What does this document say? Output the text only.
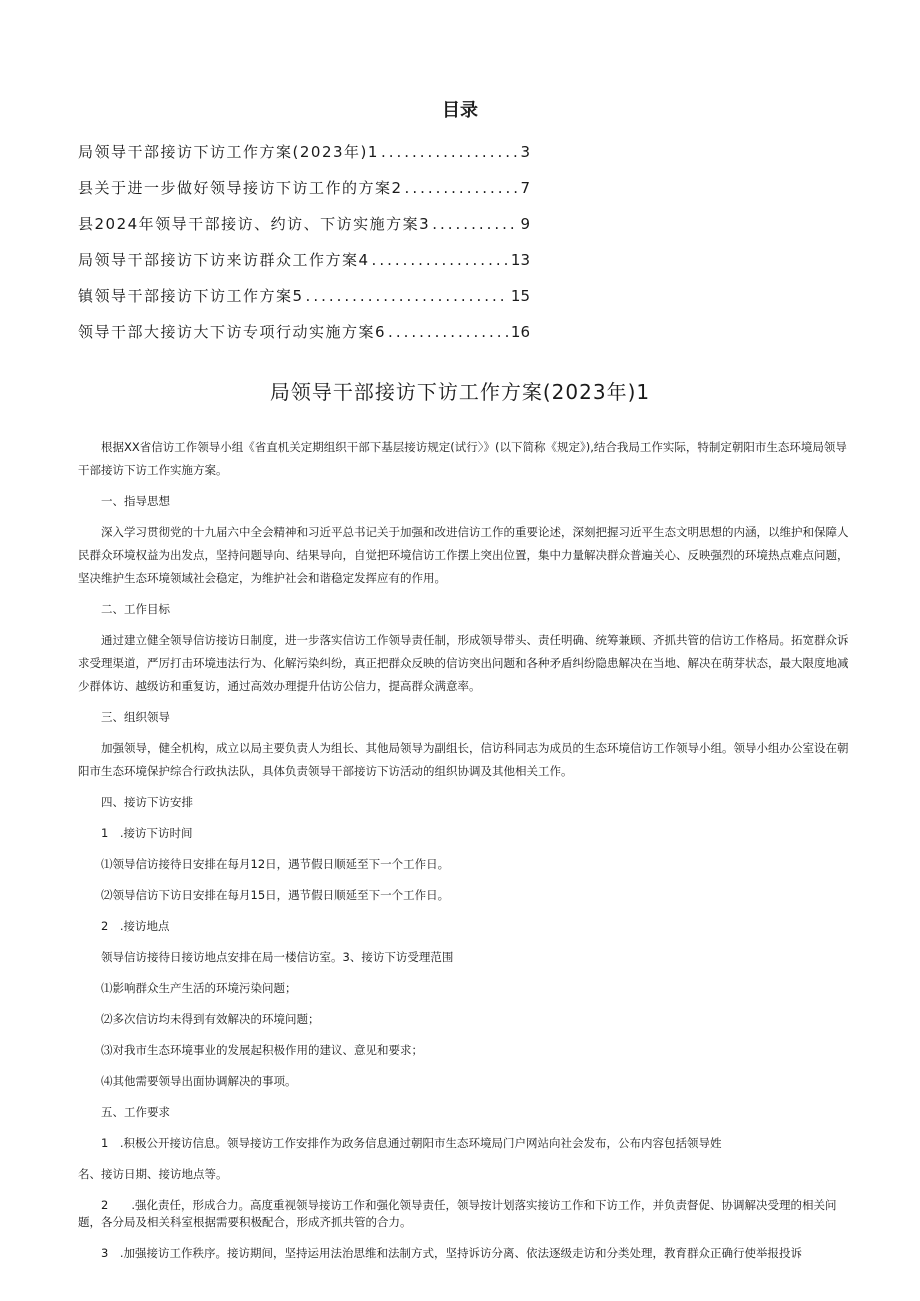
目录
局领导干部接访下访工作方案(2023年)1 .....	3
县关于进一步做好领导接访下访工作的方案2 .....	7
县2024年领导干部接访、约访、下访实施方案3 .....	9
局领导干部接访下访来访群众工作方案4 .....	13
镇领导干部接访下访工作方案5 .....	15
领导干部大接访大下访专项行动实施方案6 .....	16
局领导干部接访下访工作方案(2023年)1

根据XX省信访工作领导小组《省直机关定期组织干部下基层接访规定(试行〉》(以下简称《规定》),结合我局工作实际，特制定朝阳市生态环境局领导干部接访下访工作实施方案。

一、指导思想

深入学习贯彻党的十九届六中全会精神和习近平总书记关于加强和改进信访工作的重要论述，深刻把握习近平生态文明思想的内涵，以维护和保障人民群众环境权益为出发点，坚持问题导向、结果导向，自觉把环境信访工作摆上突出位置，集中力量解决群众普遍关心、反映强烈的环境热点难点问题，坚决维护生态环境领域社会稳定，为维护社会和谐稳定发挥应有的作用。

二、工作目标

通过建立健全领导信访接访日制度，进一步落实信访工作领导责任制，形成领导带头、责任明确、统筹兼顾、齐抓共管的信访工作格局。拓宽群众诉求受理渠道，严厉打击环境违法行为、化解污染纠纷，真正把群众反映的信访突出问题和各种矛盾纠纷隐患解决在当地、解决在萌芽状态，最大限度地减少群体访、越级访和重复访，通过高效办理提升估访公信力，提高群众满意率。

三、组织领导

加强领导，健全机构，成立以局主要负责人为组长、其他局领导为副组长，信访科同志为成员的生态环境信访工作领导小组。领导小组办公室设在朝阳市生态环境保护综合行政执法队，具体负责领导干部接访下访活动的组织协调及其他相关工作。

四、接访下访安排

1　.接访下访时间

⑴领导信访接待日安排在每月12日，遇节假日顺延至下一个工作日。

⑵领导信访下访日安排在每月15日，遇节假日顺延至下一个工作日。

2　.接访地点

领导信访接待日接访地点安排在局一楼信访室。3、接访下访受理范围

⑴影响群众生产生活的环境污染问题；

⑵多次信访均未得到有效解决的环境问题；

⑶对我市生态环境事业的发展起积极作用的建议、意见和要求；

⑷其他需要领导出面协调解决的事项。

五、工作要求

1　.积极公开接访信息。领导接访工作安排作为政务信息通过朝阳市生态环境局门户网站向社会发布，公布内容包括领导姓

名、接访日期、接访地点等。

2　　.强化责任，形成合力。高度重视领导接访工作和强化领导责任，领导按计划落实接访工作和下访工作，并负责督促、协调解决受理的相关问题，各分局及相关科室根据需要积极配合，形成齐抓共管的合力。

3　.加强接访工作秩序。接访期间，坚持运用法治思维和法制方式，坚持诉访分离、依法逐级走访和分类处理，教育群众正确行使举报投诉
